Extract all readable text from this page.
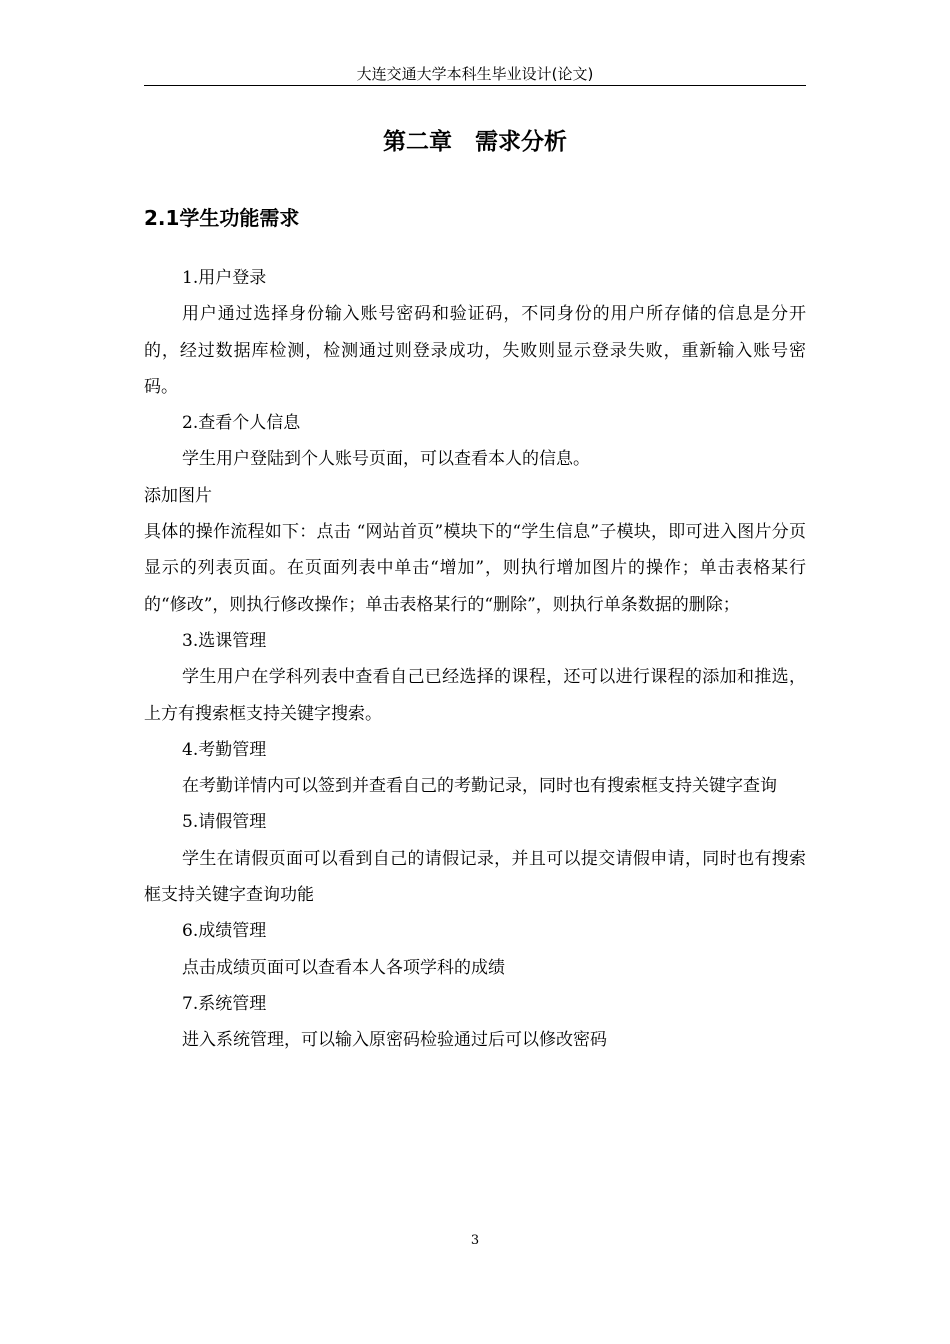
大连交通大学本科生毕业设计(论文)
第二章　需求分析
2.1学生功能需求

1.用户登录

用户通过选择身份输入账号密码和验证码，不同身份的用户所存储的信息是分开的，经过数据库检测，检测通过则登录成功，失败则显示登录失败，重新输入账号密码。

2.查看个人信息

学生用户登陆到个人账号页面，可以查看本人的信息。

添加图片

具体的操作流程如下：点击 “网站首页”模块下的“学生信息”子模块，即可进入图片分页显示的列表页面。在页面列表中单击“增加”，则执行增加图片的操作；单击表格某行的“修改”，则执行修改操作；单击表格某行的“删除”，则执行单条数据的删除；

3.选课管理

学生用户在学科列表中查看自己已经选择的课程，还可以进行课程的添加和推选，上方有搜索框支持关键字搜索。

4.考勤管理

在考勤详情内可以签到并查看自己的考勤记录，同时也有搜索框支持关键字查询

5.请假管理

学生在请假页面可以看到自己的请假记录，并且可以提交请假申请，同时也有搜索框支持关键字查询功能

6.成绩管理

点击成绩页面可以查看本人各项学科的成绩

7.系统管理

进入系统管理，可以输入原密码检验通过后可以修改密码

3
